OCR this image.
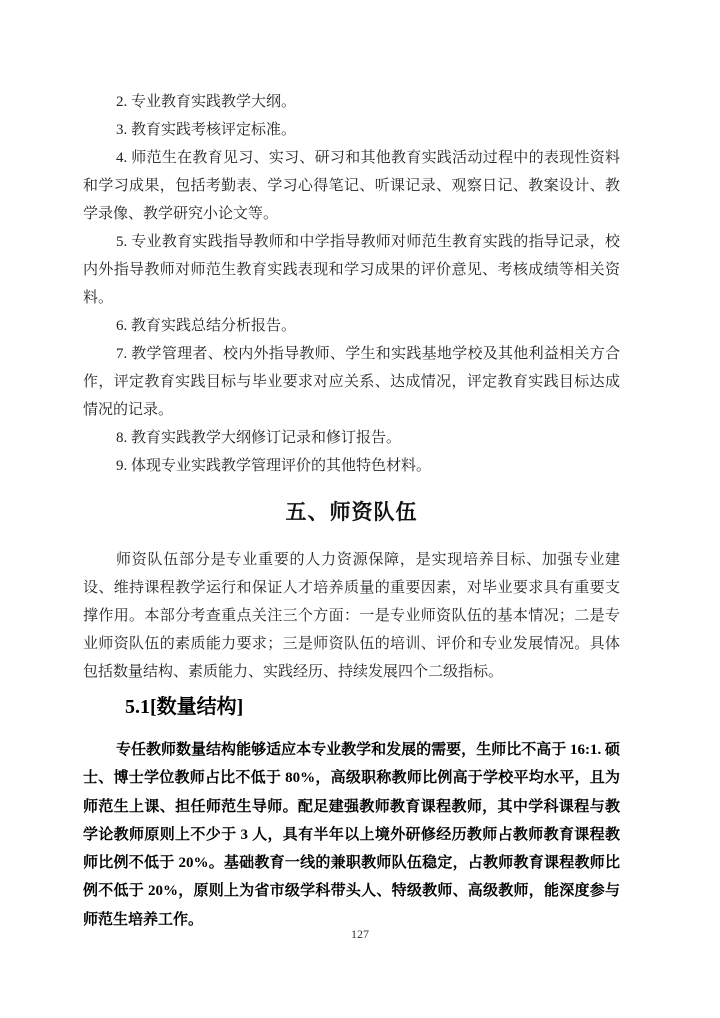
2. 专业教育实践教学大纲。

3. 教育实践考核评定标准。

4. 师范生在教育见习、实习、研习和其他教育实践活动过程中的表现性资料和学习成果，包括考勤表、学习心得笔记、听课记录、观察日记、教案设计、教学录像、教学研究小论文等。

5. 专业教育实践指导教师和中学指导教师对师范生教育实践的指导记录，校内外指导教师对师范生教育实践表现和学习成果的评价意见、考核成绩等相关资料。

6. 教育实践总结分析报告。

7. 教学管理者、校内外指导教师、学生和实践基地学校及其他利益相关方合作，评定教育实践目标与毕业要求对应关系、达成情况，评定教育实践目标达成情况的记录。

8. 教育实践教学大纲修订记录和修订报告。

9. 体现专业实践教学管理评价的其他特色材料。

五、师资队伍

师资队伍部分是专业重要的人力资源保障，是实现培养目标、加强专业建设、维持课程教学运行和保证人才培养质量的重要因素，对毕业要求具有重要支撑作用。本部分考查重点关注三个方面：一是专业师资队伍的基本情况；二是专业师资队伍的素质能力要求；三是师资队伍的培训、评价和专业发展情况。具体包括数量结构、素质能力、实践经历、持续发展四个二级指标。

5.1[数量结构]

专任教师数量结构能够适应本专业教学和发展的需要，生师比不高于 16:1. 硕士、博士学位教师占比不低于 80%，高级职称教师比例高于学校平均水平，且为师范生上课、担任师范生导师。配足建强教师教育课程教师，其中学科课程与教学论教师原则上不少于 3 人，具有半年以上境外研修经历教师占教师教育课程教师比例不低于 20%。基础教育一线的兼职教师队伍稳定，占教师教育课程教师比例不低于 20%，原则上为省市级学科带头人、特级教师、高级教师，能深度参与师范生培养工作。

127
